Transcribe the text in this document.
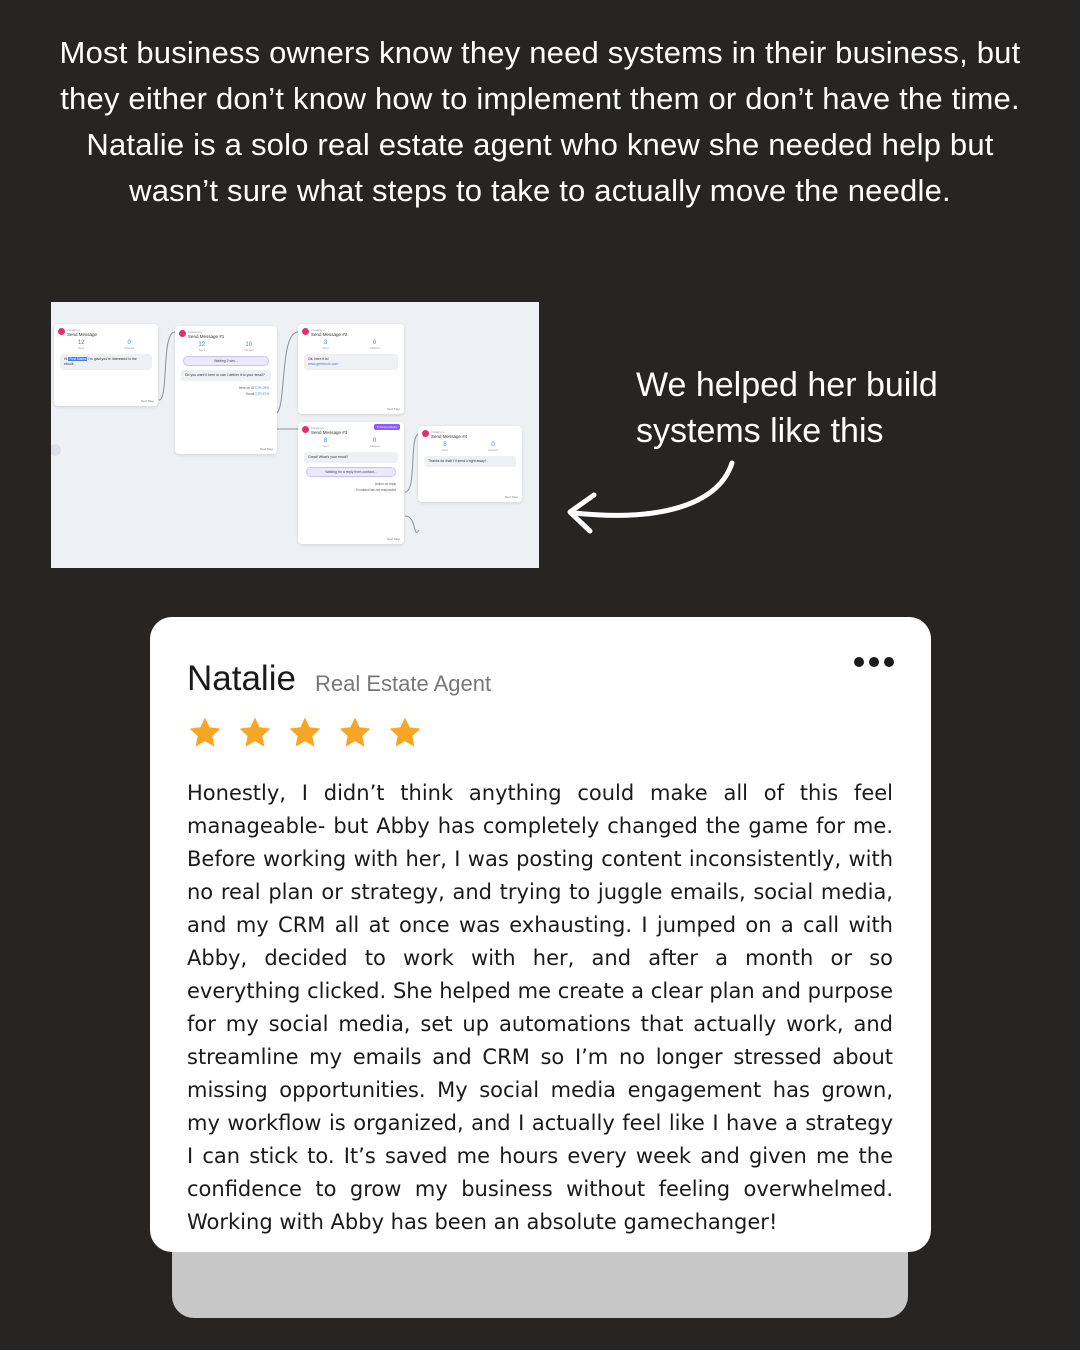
Most business owners know they need systems in their business, but they either don’t know how to implement them or don’t have the time. Natalie is a solo real estate agent who knew she needed help but wasn’t sure what steps to take to actually move the needle.
Instagram
Send Message
12
Sent
0
Clicked
Hi First Name I'm glad you're interested in the ebook.
Next Step
Instagram
Send Message #1
12
Sent
10
Clicked
Waiting 2 sec...
Do you want it here or can I deliver it to your email?
Here on IG CTR 25%
Email CTR 67%
Next Step
Instagram
Send Message #2
3
Sent
0
Clicked
Ok, here it is!
www.getebook.com
Next Step
6 Respondents
Instagram
Send Message #3
8
Sent
0
Clicked
Great! What's your email?
Waiting for a reply from contact...
Action on reply
If contact has not responded
Next Step
Instagram
Send Message #4
8
Sent
0
Clicked
Thanks for that! I'll send it right away!
Next Step
We helped her build systems like this
Natalie Real Estate Agent
Honestly, I didn’t think anything could make all of this feel manageable- but Abby has completely changed the game for me. Before working with her, I was posting content inconsistently, with no real plan or strategy, and trying to juggle emails, social media, and my CRM all at once was exhausting. I jumped on a call with Abby, decided to work with her, and after a month or so everything clicked. She helped me create a clear plan and purpose for my social media, set up automations that actually work, and streamline my emails and CRM so I’m no longer stressed about missing opportunities. My social media engagement has grown, my workflow is organized, and I actually feel like I have a strategy I can stick to. It’s saved me hours every week and given me the confidence to grow my business without feeling overwhelmed. Working with Abby has been an absolute gamechanger!
